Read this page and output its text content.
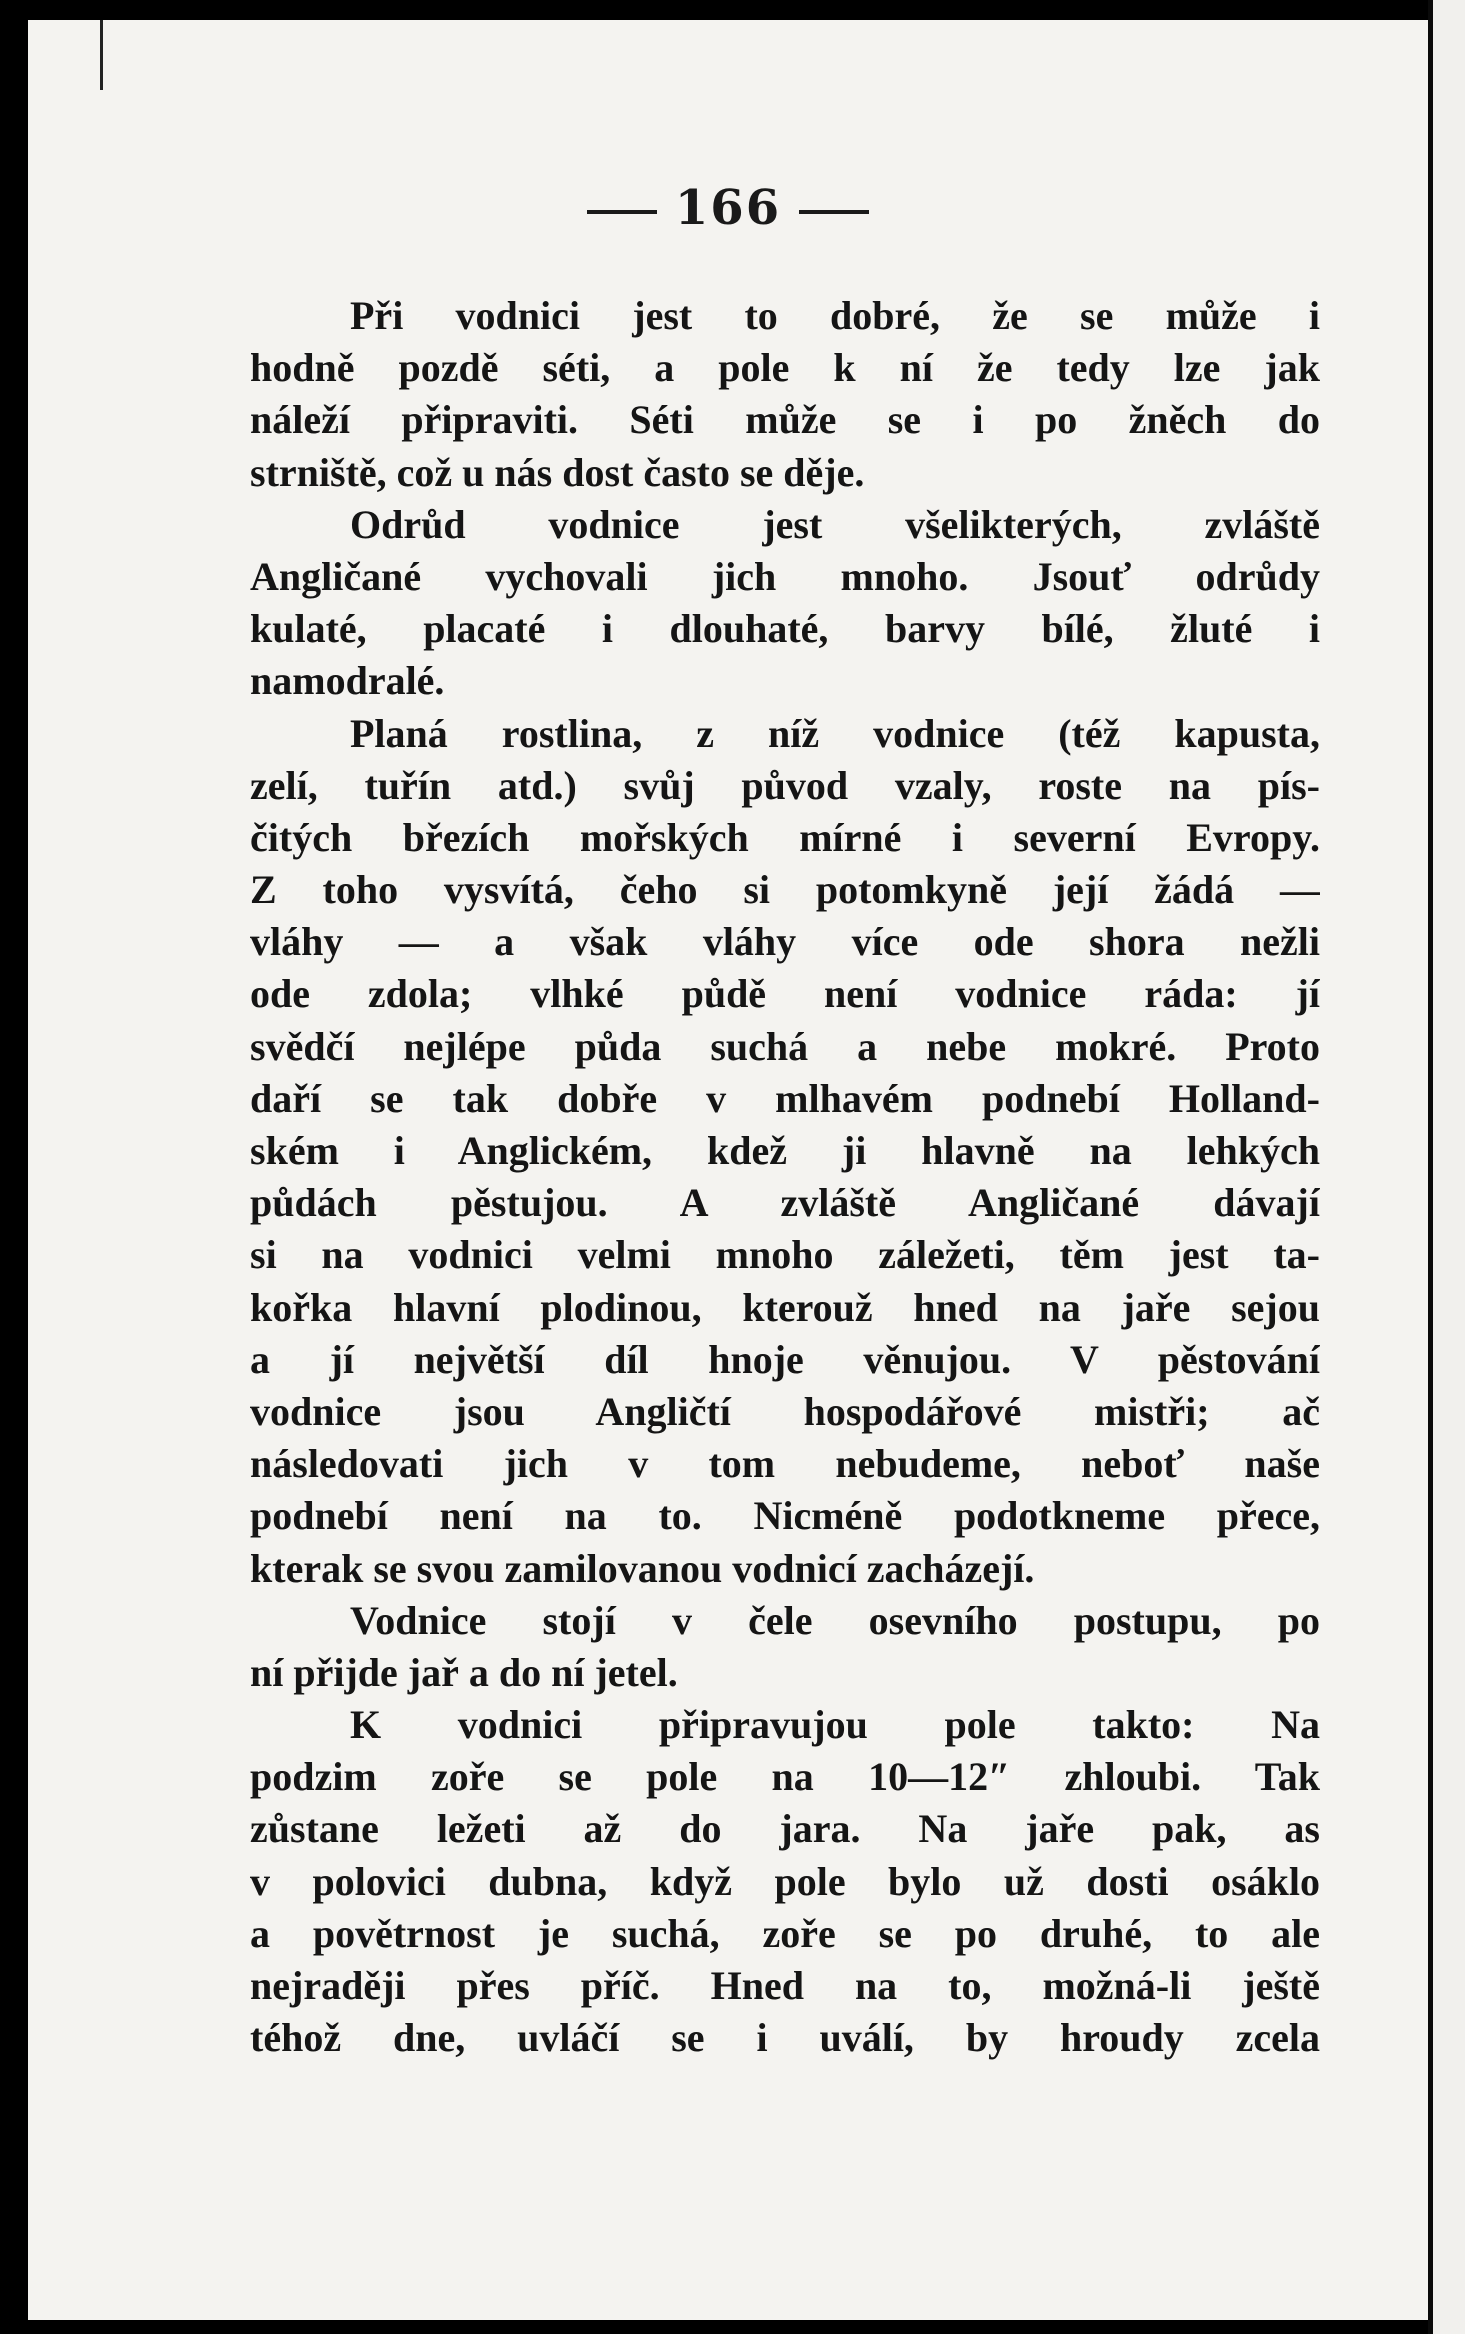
166
Při vodnici jest to dobré, že se může i
hodně pozdě séti, a pole k ní že tedy lze jak
náleží připraviti. Séti může se i po žněch do
strniště, což u nás dost často se děje.
Odrůd vodnice jest všelikterých, zvláště
Angličané vychovali jich mnoho. Jsouť odrůdy
kulaté, placaté i dlouhaté, barvy bílé, žluté i
namodralé.
Planá rostlina, z níž vodnice (též kapusta,
zelí, tuřín atd.) svůj původ vzaly, roste na pís-
čitých březích mořských mírné i severní Evropy.
Z toho vysvítá, čeho si potomkyně její žádá —
vláhy — a však vláhy více ode shora nežli
ode zdola; vlhké půdě není vodnice ráda: jí
svědčí nejlépe půda suchá a nebe mokré. Proto
daří se tak dobře v mlhavém podnebí Holland-
ském i Anglickém, kdež ji hlavně na lehkých
půdách pěstujou. A zvláště Angličané dávají
si na vodnici velmi mnoho záležeti, těm jest ta-
kořka hlavní plodinou, kterouž hned na jaře sejou
a jí největší díl hnoje věnujou. V pěstování
vodnice jsou Angličtí hospodářové mistři; ač
následovati jich v tom nebudeme, neboť naše
podnebí není na to. Nicméně podotkneme přece,
kterak se svou zamilovanou vodnicí zacházejí.
Vodnice stojí v čele osevního postupu, po
ní přijde jař a do ní jetel.
K vodnici připravujou pole takto: Na
podzim zoře se pole na 10—12″ zhloubi. Tak
zůstane ležeti až do jara. Na jaře pak, as
v polovici dubna, když pole bylo už dosti osáklo
a povětrnost je suchá, zoře se po druhé, to ale
nejraději přes příč. Hned na to, možná-li ještě
téhož dne, uvláčí se i uválí, by hroudy zcela
